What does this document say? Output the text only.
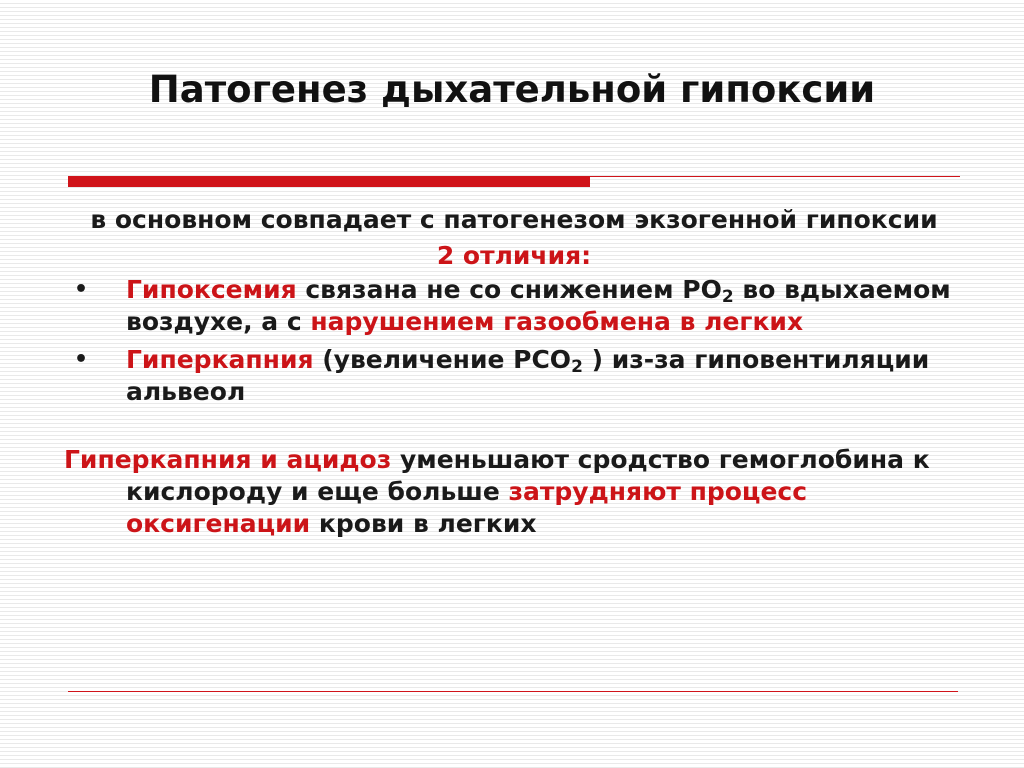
Патогенез дыхательной гипоксии

в основном совпадает с патогенезом экзогенной гипоксии

2 отличия:

• Гипоксемия связана не со снижением $РО_2$ во вдыхаемом воздухе, а с нарушением газообмена в легких
• Гиперкапния (увеличение $РСО_2$ ) из-за гиповентиляции альвеол

Гиперкапния и ацидоз уменьшают сродство гемоглобина к кислороду и еще больше затрудняют процесс оксигенации крови в легких
